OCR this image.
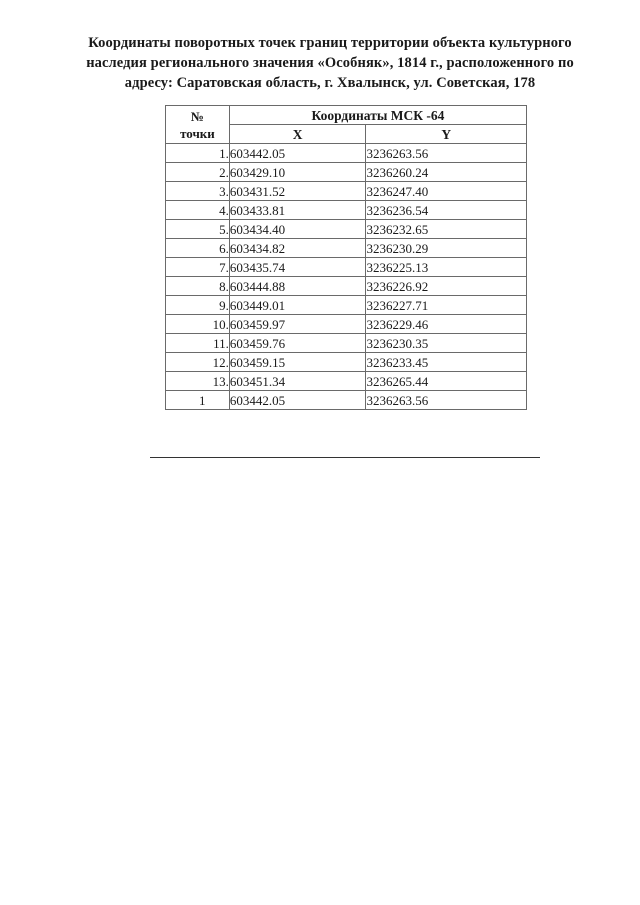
Координаты поворотных точек границ территории объекта культурного
наследия регионального значения «Особняк», 1814 г., расположенного по
адресу: Саратовская область, г. Хвалынск, ул. Советская, 178
№
точки	Координаты МСК -64	
	X	Y
1.	603442.05	3236263.56
2.	603429.10	3236260.24
3.	603431.52	3236247.40
4.	603433.81	3236236.54
5.	603434.40	3236232.65
6.	603434.82	3236230.29
7.	603435.74	3236225.13
8.	603444.88	3236226.92
9.	603449.01	3236227.71
10.	603459.97	3236229.46
11.	603459.76	3236230.35
12.	603459.15	3236233.45
13.	603451.34	3236265.44
1	603442.05	3236263.56
